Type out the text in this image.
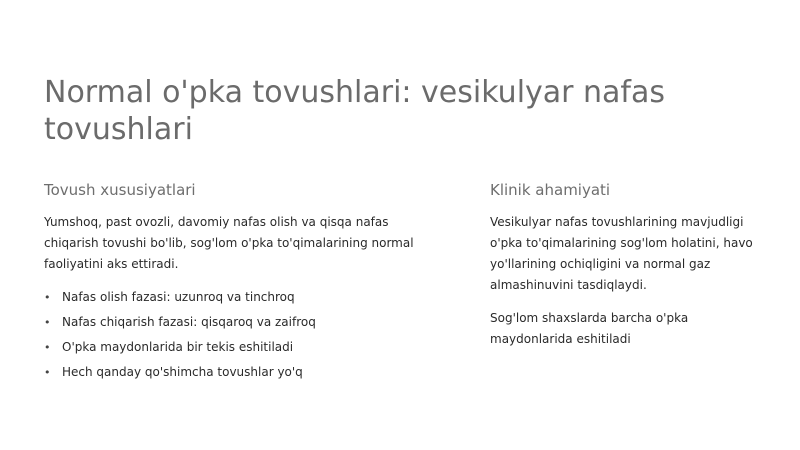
Normal o'pka tovushlari: vesikulyar nafas tovushlari
Tovush xususiyatlari

Yumshoq, past ovozli, davomiy nafas olish va qisqa nafas chiqarish tovushi bo'lib, sog'lom o'pka to'qimalarining normal faoliyatini aks ettiradi.

• Nafas olish fazasi: uzunroq va tinchroq
• Nafas chiqarish fazasi: qisqaroq va zaifroq
• O'pka maydonlarida bir tekis eshitiladi
• Hech qanday qo'shimcha tovushlar yo'q
Klinik ahamiyati

Vesikulyar nafas tovushlarining mavjudligi o'pka to'qimalarining sog'lom holatini, havo yo'llarining ochiqligini va normal gaz almashinuvini tasdiqlaydi.

Sog'lom shaxslarda barcha o'pka maydonlarida eshitiladi
